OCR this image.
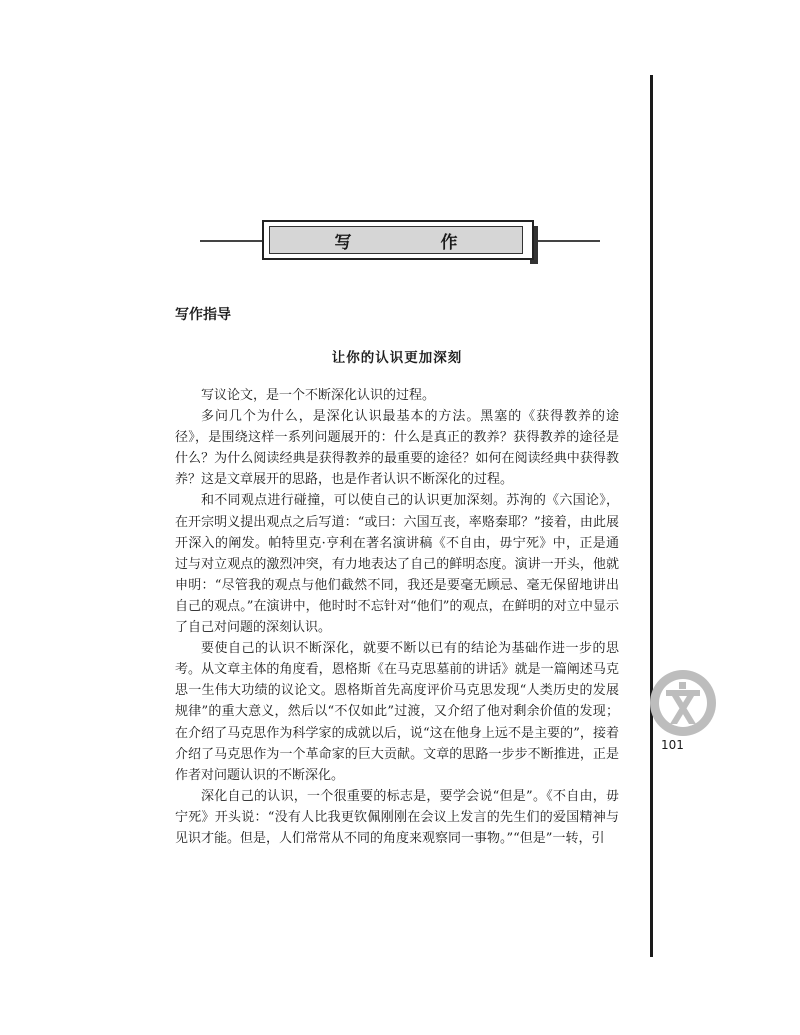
写　作
写作指导
让你的认识更加深刻

写议论文，是一个不断深化认识的过程。

多问几个为什么，是深化认识最基本的方法。黑塞的《获得教养的途径》，是围绕这样一系列问题展开的：什么是真正的教养？获得教养的途径是什么？为什么阅读经典是获得教养的最重要的途径？如何在阅读经典中获得教养？这是文章展开的思路，也是作者认识不断深化的过程。

和不同观点进行碰撞，可以使自己的认识更加深刻。苏洵的《六国论》，在开宗明义提出观点之后写道：“或曰：六国互丧，率赂秦耶？”接着，由此展开深入的阐发。帕特里克·亨利在著名演讲稿《不自由，毋宁死》中，正是通过与对立观点的激烈冲突，有力地表达了自己的鲜明态度。演讲一开头，他就申明：“尽管我的观点与他们截然不同，我还是要毫无顾忌、毫无保留地讲出自己的观点。”在演讲中，他时时不忘针对“他们”的观点，在鲜明的对立中显示了自己对问题的深刻认识。

要使自己的认识不断深化，就要不断以已有的结论为基础作进一步的思考。从文章主体的角度看，恩格斯《在马克思墓前的讲话》就是一篇阐述马克思一生伟大功绩的议论文。恩格斯首先高度评价马克思发现“人类历史的发展规律”的重大意义，然后以“不仅如此”过渡，又介绍了他对剩余价值的发现；在介绍了马克思作为科学家的成就以后，说“这在他身上远不是主要的”，接着介绍了马克思作为一个革命家的巨大贡献。文章的思路一步步不断推进，正是作者对问题认识的不断深化。

深化自己的认识，一个很重要的标志是，要学会说“但是”。《不自由，毋宁死》开头说：“没有人比我更钦佩刚刚在会议上发言的先生们的爱国精神与见识才能。但是，人们常常从不同的角度来观察同一事物。”“但是”一转，引

101
